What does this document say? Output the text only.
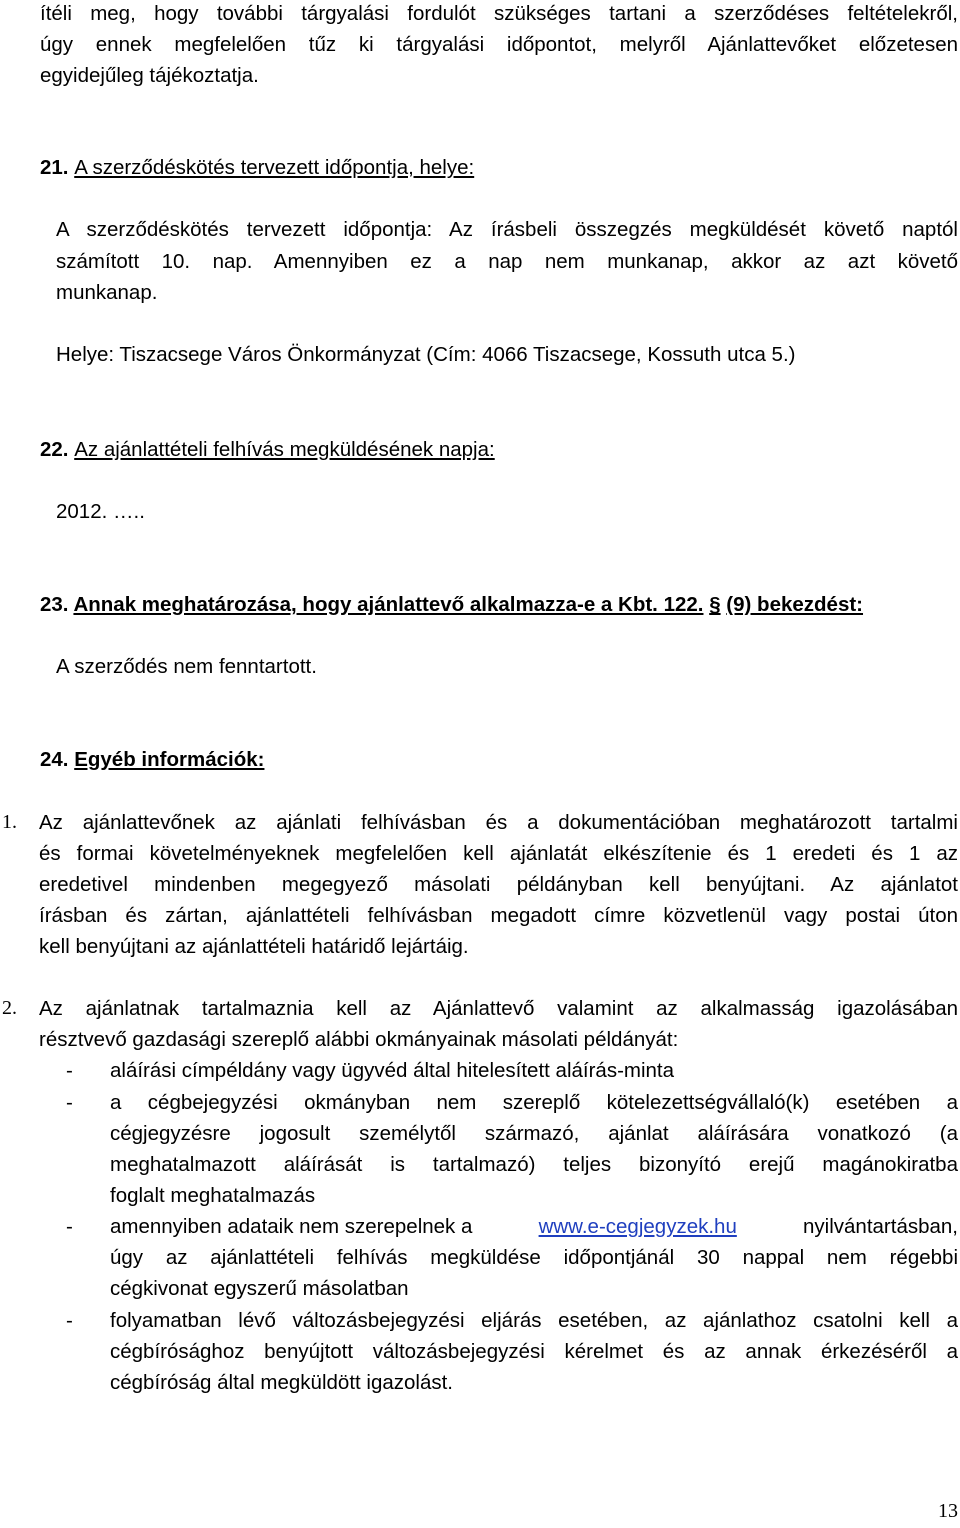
ítéli meg, hogy további tárgyalási fordulót szükséges tartani a szerződéses feltételekről,

úgy ennek megfelelően tűz ki tárgyalási időpontot, melyről Ajánlattevőket előzetesen

egyidejűleg tájékoztatja.

21. A szerződéskötés tervezett időpontja, helye:

A szerződéskötés tervezett időpontja: Az írásbeli összegzés megküldését követő naptól

számított 10. nap. Amennyiben ez a nap nem munkanap, akkor az azt követő

munkanap.

Helye: Tiszacsege Város Önkormányzat (Cím: 4066 Tiszacsege, Kossuth utca 5.)

22. Az ajánlattételi felhívás megküldésének napja:

2012. …..

23. Annak meghatározása, hogy ajánlattevő alkalmazza-e a Kbt. 122. § (9) bekezdést:

A szerződés nem fenntartott.

24. Egyéb információk:
1. Az ajánlattevőnek az ajánlati felhívásban és a dokumentációban meghatározott tartalmi

és formai követelményeknek megfelelően kell ajánlatát elkészítenie és 1 eredeti és 1 az

eredetivel mindenben megegyező másolati példányban kell benyújtani. Az ajánlatot

írásban és zártan, ajánlattételi felhívásban megadott címre közvetlenül vagy postai úton

kell benyújtani az ajánlattételi határidő lejártáig.

2. Az ajánlatnak tartalmaznia kell az Ajánlattevő valamint az alkalmasság igazolásában

résztvevő gazdasági szereplő alábbi okmányainak másolati példányát:

- aláírási címpéldány vagy ügyvéd által hitelesített aláírás-minta

- a cégbejegyzési okmányban nem szereplő kötelezettségvállaló(k) esetében a

cégjegyzésre jogosult személytől származó, ajánlat aláírására vonatkozó (a

meghatalmazott aláírását is tartalmazó) teljes bizonyító erejű magánokiratba

foglalt meghatalmazás

- amennyiben adataik nem szerepelnek a	www.e-cegjegyzek.hu	nyilvántartásban,

úgy az ajánlattételi felhívás megküldése időpontjánál 30 nappal nem régebbi

cégkivonat egyszerű másolatban

- folyamatban lévő változásbejegyzési eljárás esetében, az ajánlathoz csatolni kell a

cégbírósághoz benyújtott változásbejegyzési kérelmet és az annak érkezéséről a

cégbíróság által megküldött igazolást.

13
